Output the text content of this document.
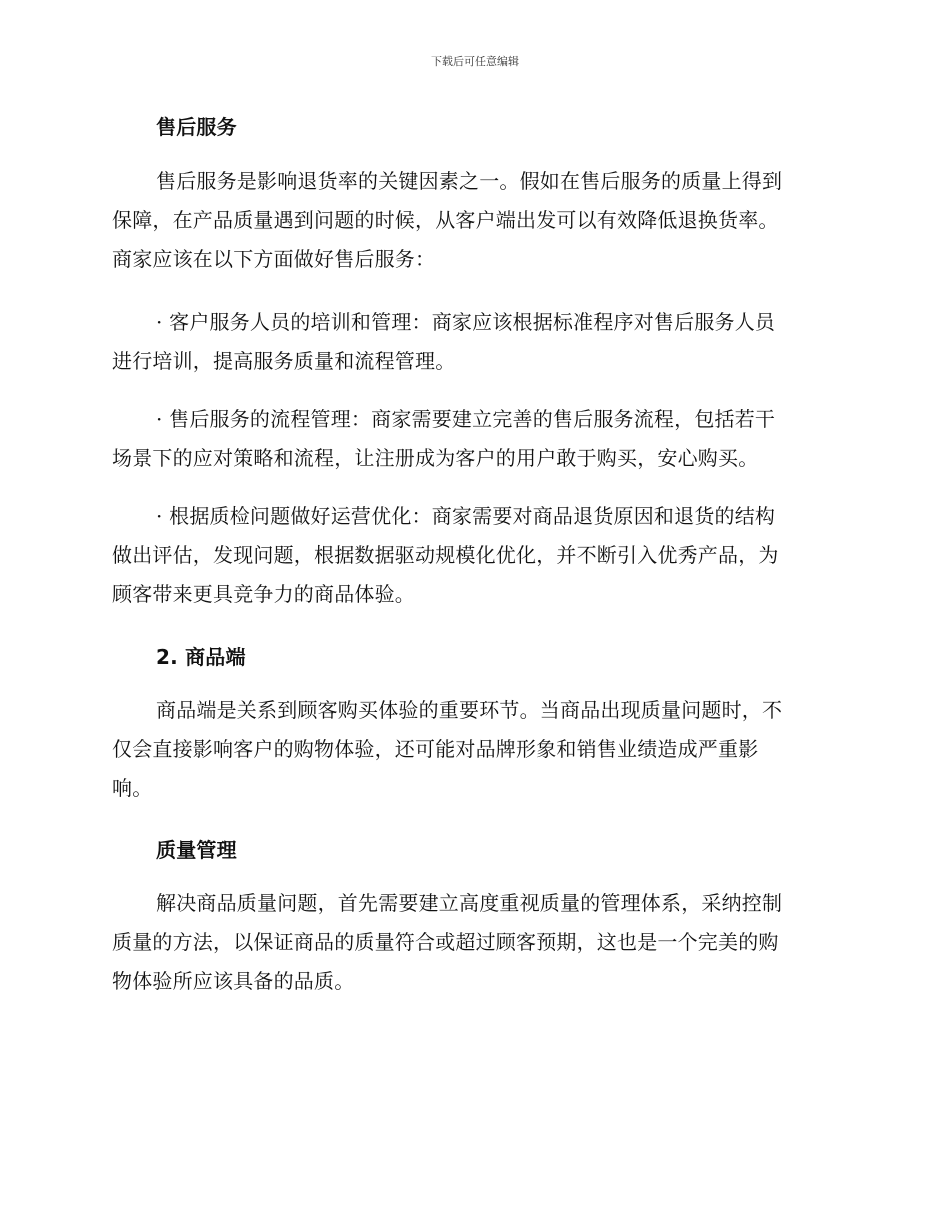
下载后可任意编辑
售后服务
售后服务是影响退货率的关键因素之一。假如在售后服务的质量上得到
保障，在产品质量遇到问题的时候，从客户端出发可以有效降低退换货率。
商家应该在以下方面做好售后服务：
· 客户服务人员的培训和管理：商家应该根据标准程序对售后服务人员
进行培训，提高服务质量和流程管理。
· 售后服务的流程管理：商家需要建立完善的售后服务流程，包括若干
场景下的应对策略和流程，让注册成为客户的用户敢于购买，安心购买。
· 根据质检问题做好运营优化：商家需要对商品退货原因和退货的结构
做出评估，发现问题，根据数据驱动规模化优化，并不断引入优秀产品，为
顾客带来更具竞争力的商品体验。
2. 商品端
商品端是关系到顾客购买体验的重要环节。当商品出现质量问题时，不
仅会直接影响客户的购物体验，还可能对品牌形象和销售业绩造成严重影
响。
质量管理
解决商品质量问题，首先需要建立高度重视质量的管理体系，采纳控制
质量的方法，以保证商品的质量符合或超过顾客预期，这也是一个完美的购
物体验所应该具备的品质。
